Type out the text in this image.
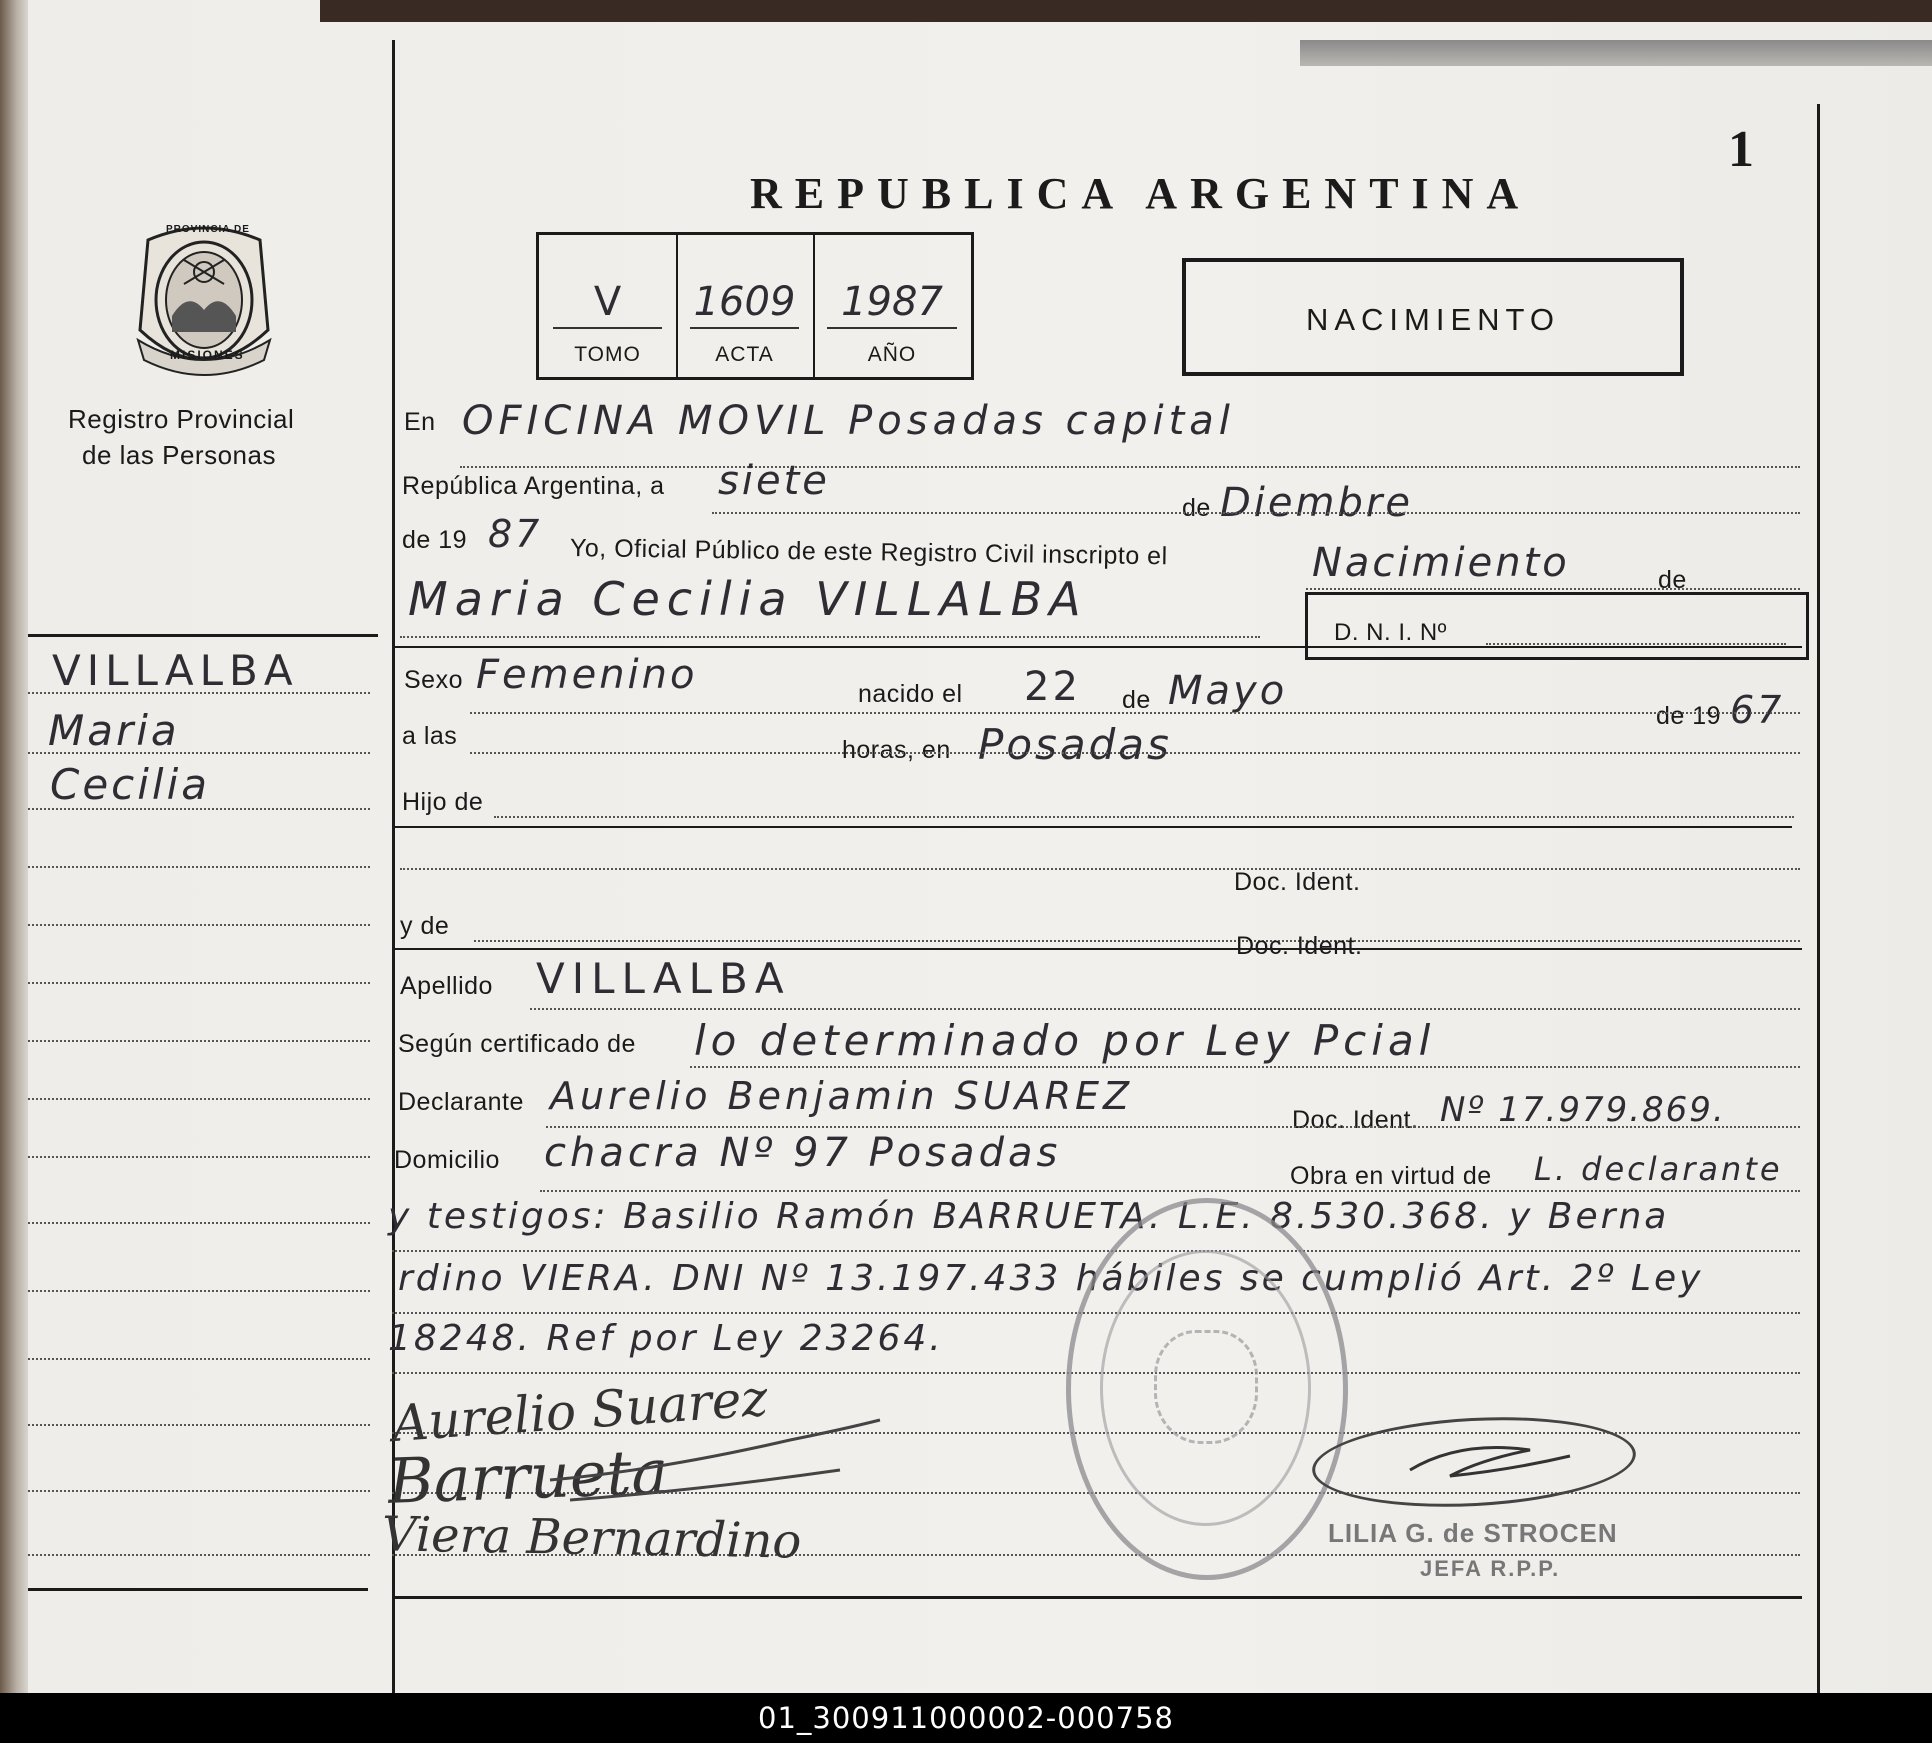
1
REPUBLICA ARGENTINA
MISIONES
PROVINCIA DE
Registro Provincial
de las Personas
VILLALBA
Maria
Cecilia
V
TOMO
1609
ACTA
1987
AÑO
NACIMIENTO
En OFICINA MOVIL Posadas capital
República Argentina, a siete
de Diembre
de 19 87 Yo, Oficial Público de este Registro Civil inscripto el	Nacimiento	de
Maria Cecilia VILLALBA
D. N. I. Nº
Sexo Femenino	nacido el 22 de Mayo
de 19 67
a las	horas, en Posadas
Hijo de
Doc. Ident.
y de
Doc. Ident.
Apellido VILLALBA
Según certificado de lo determinado por Ley Pcial
Declarante Aurelio Benjamin SUAREZ
Doc. Ident. Nº 17.979.869.
Domicilio chacra Nº 97 Posadas	Obra en virtud de L. declarante
y testigos: Basilio Ramón BARRUETA. L.E. 8.530.368. y Berna
rdino VIERA. DNI Nº 13.197.433 hábiles se cumplió Art. 2º Ley
18248. Ref por Ley 23264.
Aurelio Suarez
Barrueta
Viera Bernardino	LILIA G. de STROCEN
JEFA R.P.P.
01_300911000002-000758
